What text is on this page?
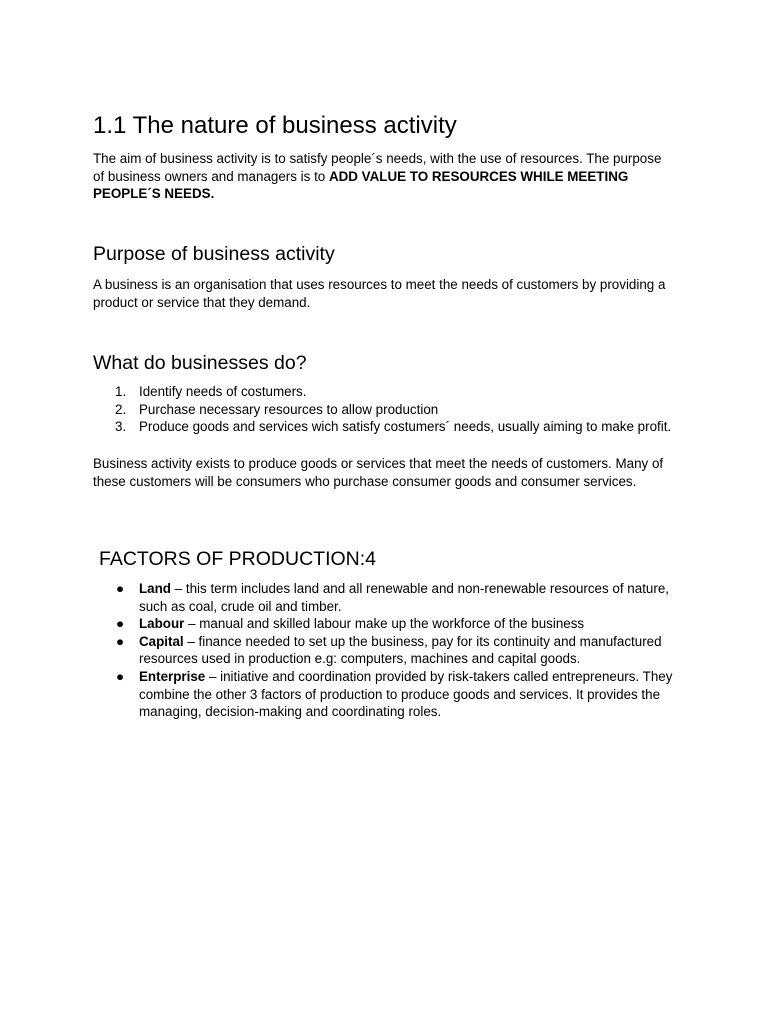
1.1 The nature of business activity

The aim of business activity is to satisfy people´s needs, with the use of resources. The purpose of business owners and managers is to ADD VALUE TO RESOURCES WHILE MEETING PEOPLE´S NEEDS.

Purpose of business activity

A business is an organisation that uses resources to meet the needs of customers by providing a product or service that they demand.

What do businesses do?
1. Identify needs of costumers.
2. Purchase necessary resources to allow production
3. Produce goods and services wich satisfy costumers´ needs, usually aiming to make profit.

Business activity exists to produce goods or services that meet the needs of customers. Many of these customers will be consumers who purchase consumer goods and consumer services.

FACTORS OF PRODUCTION:4
● Land – this term includes land and all renewable and non-renewable resources of nature, such as coal, crude oil and timber.
● Labour – manual and skilled labour make up the workforce of the business
● Capital – finance needed to set up the business, pay for its continuity and manufactured resources used in production e.g: computers, machines and capital goods.
● Enterprise – initiative and coordination provided by risk-takers called entrepreneurs. They combine the other 3 factors of production to produce goods and services. It provides the managing, decision-making and coordinating roles.
